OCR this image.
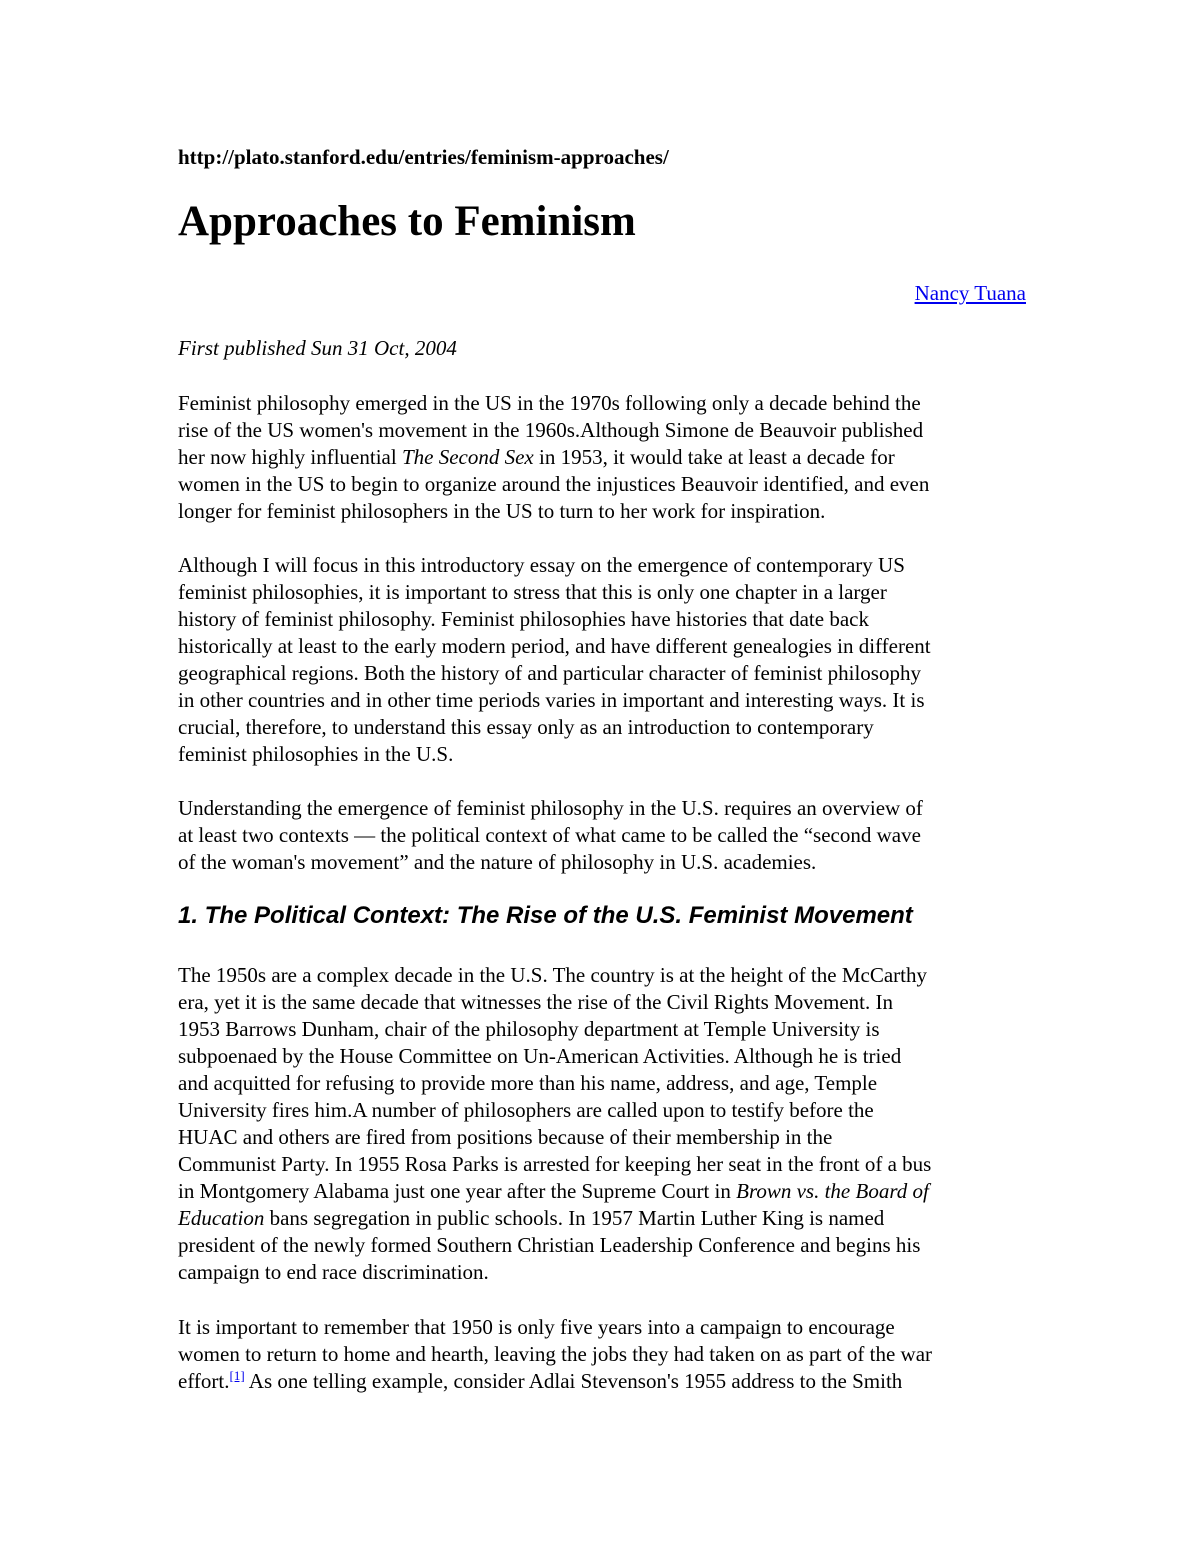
http://plato.stanford.edu/entries/feminism-approaches/
Approaches to Feminism
Nancy Tuana
First published Sun 31 Oct, 2004

Feminist philosophy emerged in the US in the 1970s following only a decade behind the
rise of the US women's movement in the 1960s.Although Simone de Beauvoir published
her now highly influential The Second Sex in 1953, it would take at least a decade for
women in the US to begin to organize around the injustices Beauvoir identified, and even
longer for feminist philosophers in the US to turn to her work for inspiration.

Although I will focus in this introductory essay on the emergence of contemporary US
feminist philosophies, it is important to stress that this is only one chapter in a larger
history of feminist philosophy. Feminist philosophies have histories that date back
historically at least to the early modern period, and have different genealogies in different
geographical regions. Both the history of and particular character of feminist philosophy
in other countries and in other time periods varies in important and interesting ways. It is
crucial, therefore, to understand this essay only as an introduction to contemporary
feminist philosophies in the U.S.

Understanding the emergence of feminist philosophy in the U.S. requires an overview of
at least two contexts — the political context of what came to be called the “second wave
of the woman's movement” and the nature of philosophy in U.S. academies.

1. The Political Context: The Rise of the U.S. Feminist Movement

The 1950s are a complex decade in the U.S. The country is at the height of the McCarthy
era, yet it is the same decade that witnesses the rise of the Civil Rights Movement. In
1953 Barrows Dunham, chair of the philosophy department at Temple University is
subpoenaed by the House Committee on Un-American Activities. Although he is tried
and acquitted for refusing to provide more than his name, address, and age, Temple
University fires him.A number of philosophers are called upon to testify before the
HUAC and others are fired from positions because of their membership in the
Communist Party. In 1955 Rosa Parks is arrested for keeping her seat in the front of a bus
in Montgomery Alabama just one year after the Supreme Court in Brown vs. the Board of
Education bans segregation in public schools. In 1957 Martin Luther King is named
president of the newly formed Southern Christian Leadership Conference and begins his
campaign to end race discrimination.

It is important to remember that 1950 is only five years into a campaign to encourage
women to return to home and hearth, leaving the jobs they had taken on as part of the war
effort.[1] As one telling example, consider Adlai Stevenson's 1955 address to the Smith
